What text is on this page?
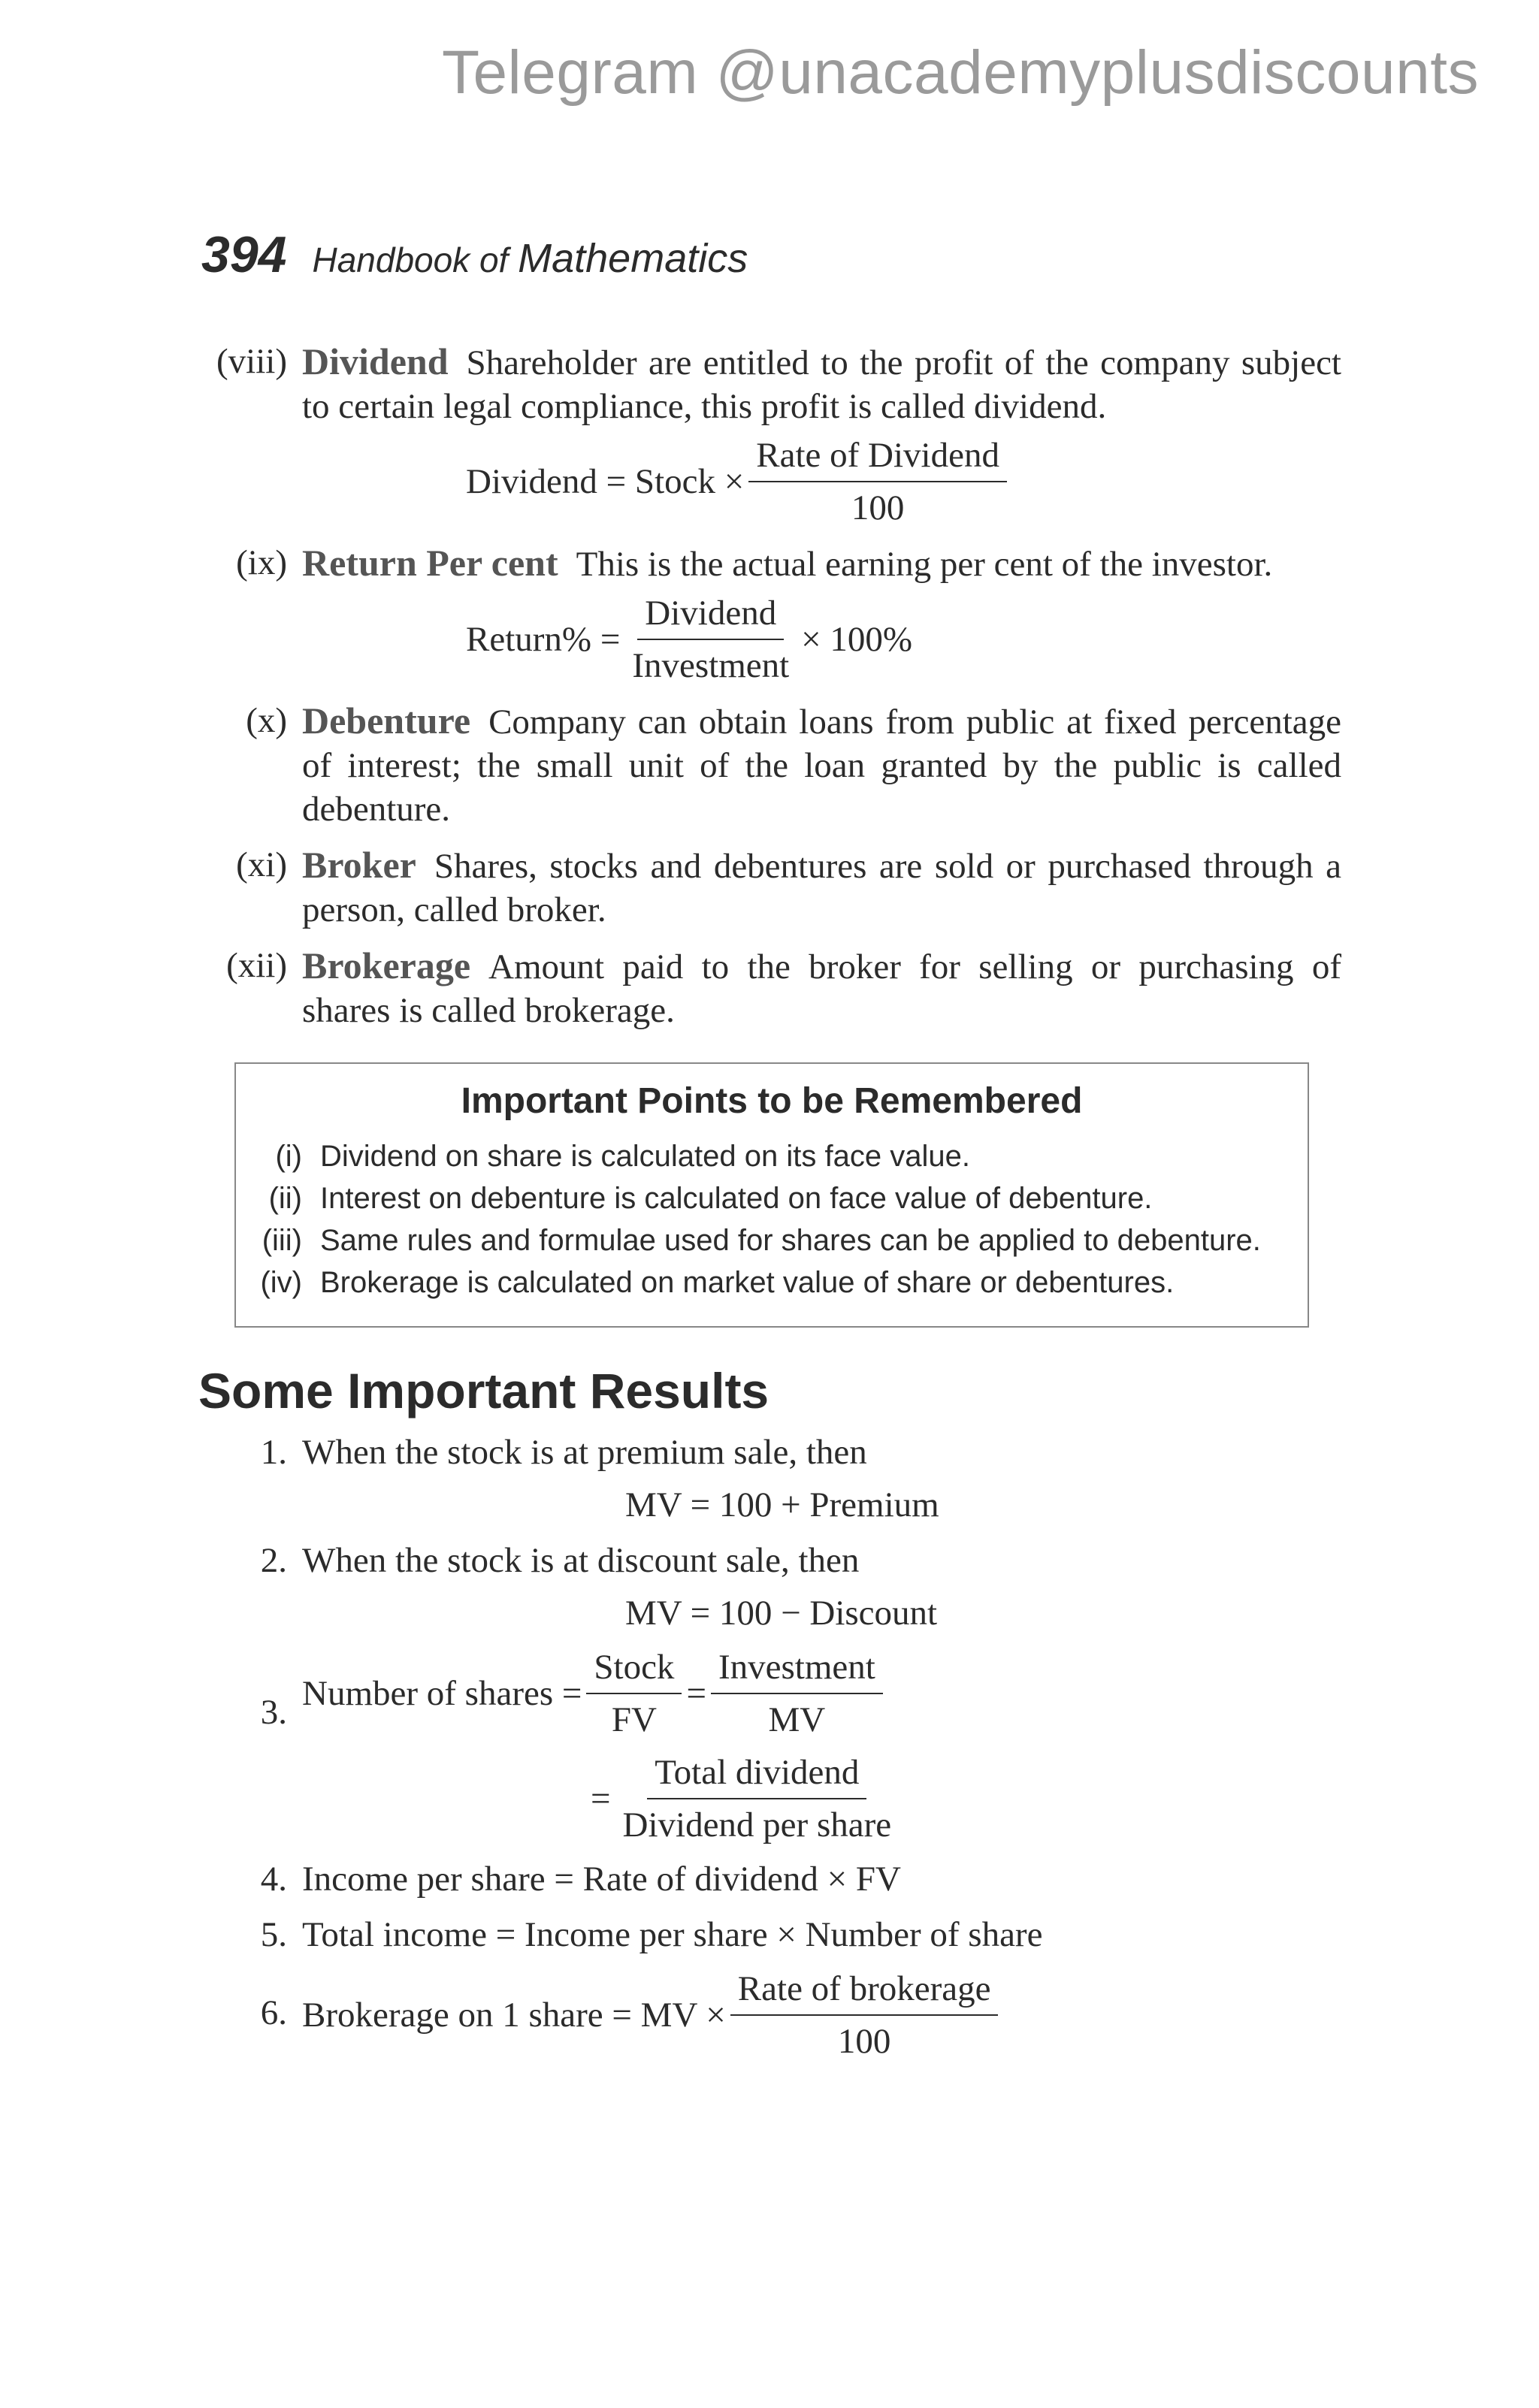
Telegram @unacademyplusdiscounts
394 Handbook of Mathematics
(viii) Dividend Shareholder are entitled to the profit of the company subject to certain legal compliance, this profit is called dividend.
Dividend = Stock × $\frac{\text{Rate of Dividend}}{100}$
(ix) Return Per cent This is the actual earning per cent of the investor.
Return% = $\frac{\text{Dividend}}{\text{Investment}} \times 100\%$
(x) Debenture Company can obtain loans from public at fixed percentage of interest; the small unit of the loan granted by the public is called debenture.
(xi) Broker Shares, stocks and debentures are sold or purchased through a person, called broker.
(xii) Brokerage Amount paid to the broker for selling or purchasing of shares is called brokerage.
Important Points to be Remembered
(i) Dividend on share is calculated on its face value.
(ii) Interest on debenture is calculated on face value of debenture.
(iii) Same rules and formulae used for shares can be applied to debenture.
(iv) Brokerage is calculated on market value of share or debentures.
Some Important Results
1. When the stock is at premium sale, then
MV = 100 + Premium
2. When the stock is at discount sale, then
MV = 100 − Discount
3. Number of shares = $\frac{\text{Stock}}{FV} = \frac{\text{Investment}}{MV}$
= $\frac{\text{Total dividend}}{\text{Dividend per share}}$
4. Income per share = Rate of dividend × FV
5. Total income = Income per share × Number of share
6. Brokerage on 1 share = MV × $\frac{\text{Rate of brokerage}}{100}$
